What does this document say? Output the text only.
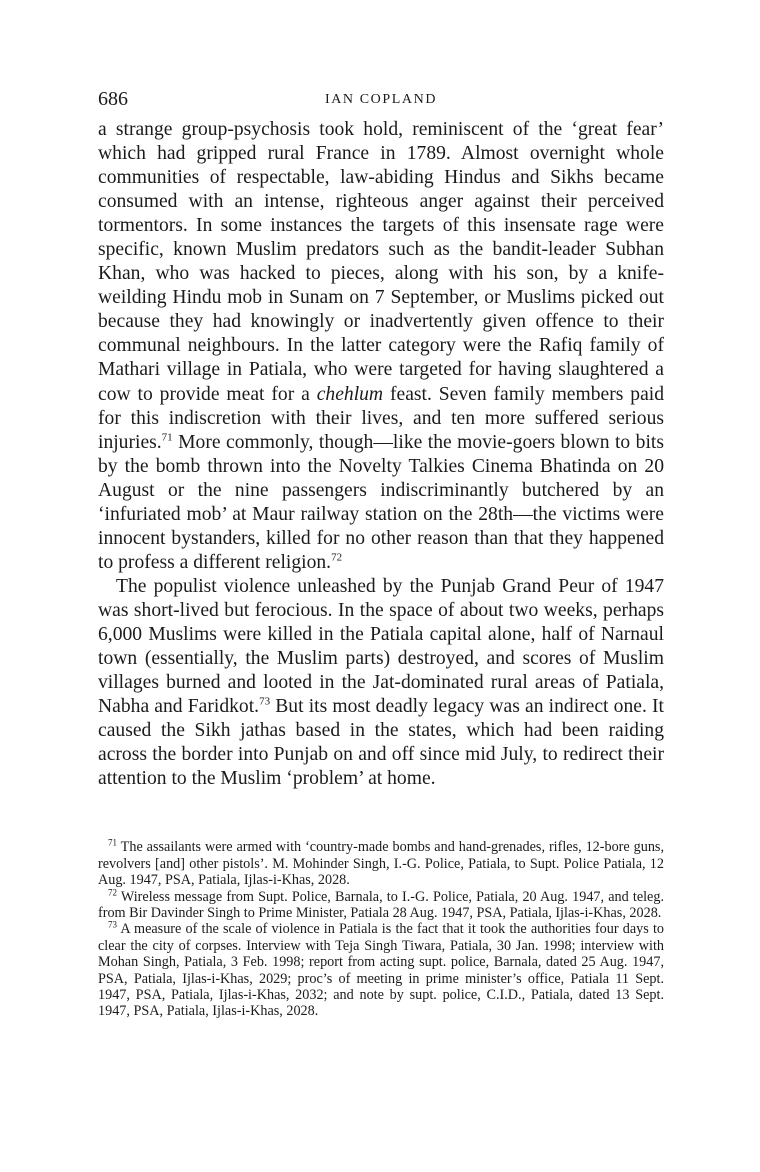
686	IAN COPLAND

a strange group-psychosis took hold, reminiscent of the ‘great fear’ which had gripped rural France in 1789. Almost overnight whole communities of respectable, law-abiding Hindus and Sikhs became consumed with an intense, righteous anger against their perceived tormentors. In some instances the targets of this insensate rage were specific, known Muslim predators such as the bandit-leader Subhan Khan, who was hacked to pieces, along with his son, by a knife-weilding Hindu mob in Sunam on 7 September, or Muslims picked out because they had knowingly or inadvertently given offence to their communal neighbours. In the latter category were the Rafiq family of Mathari village in Patiala, who were targeted for having slaughtered a cow to provide meat for a chehlum feast. Seven family members paid for this indiscretion with their lives, and ten more suffered serious injuries.$^{71}$ More commonly, though—like the movie-goers blown to bits by the bomb thrown into the Novelty Talkies Cinema Bhatinda on 20 August or the nine passengers indiscriminantly butchered by an ‘infuriated mob’ at Maur railway station on the 28th—the victims were innocent bystanders, killed for no other reason than that they happened to profess a different religion.$^{72}$

The populist violence unleashed by the Punjab Grand Peur of 1947 was short-lived but ferocious. In the space of about two weeks, perhaps 6,000 Muslims were killed in the Patiala capital alone, half of Narnaul town (essentially, the Muslim parts) destroyed, and scores of Muslim villages burned and looted in the Jat-dominated rural areas of Patiala, Nabha and Faridkot.$^{73}$ But its most deadly legacy was an indirect one. It caused the Sikh jathas based in the states, which had been raiding across the border into Punjab on and off since mid July, to redirect their attention to the Muslim ‘problem’ at home.

$^{71}$ The assailants were armed with ‘country-made bombs and hand-grenades, rifles, 12-bore guns, revolvers [and] other pistols’. M. Mohinder Singh, I.-G. Police, Patiala, to Supt. Police Patiala, 12 Aug. 1947, PSA, Patiala, Ijlas-i-Khas, 2028.

$^{72}$ Wireless message from Supt. Police, Barnala, to I.-G. Police, Patiala, 20 Aug. 1947, and teleg. from Bir Davinder Singh to Prime Minister, Patiala 28 Aug. 1947, PSA, Patiala, Ijlas-i-Khas, 2028.

$^{73}$ A measure of the scale of violence in Patiala is the fact that it took the authorities four days to clear the city of corpses. Interview with Teja Singh Tiwara, Patiala, 30 Jan. 1998; interview with Mohan Singh, Patiala, 3 Feb. 1998; report from acting supt. police, Barnala, dated 25 Aug. 1947, PSA, Patiala, Ijlas-i-Khas, 2029; proc’s of meeting in prime minister’s office, Patiala 11 Sept. 1947, PSA, Patiala, Ijlas-i-Khas, 2032; and note by supt. police, C.I.D., Patiala, dated 13 Sept. 1947, PSA, Patiala, Ijlas-i-Khas, 2028.
